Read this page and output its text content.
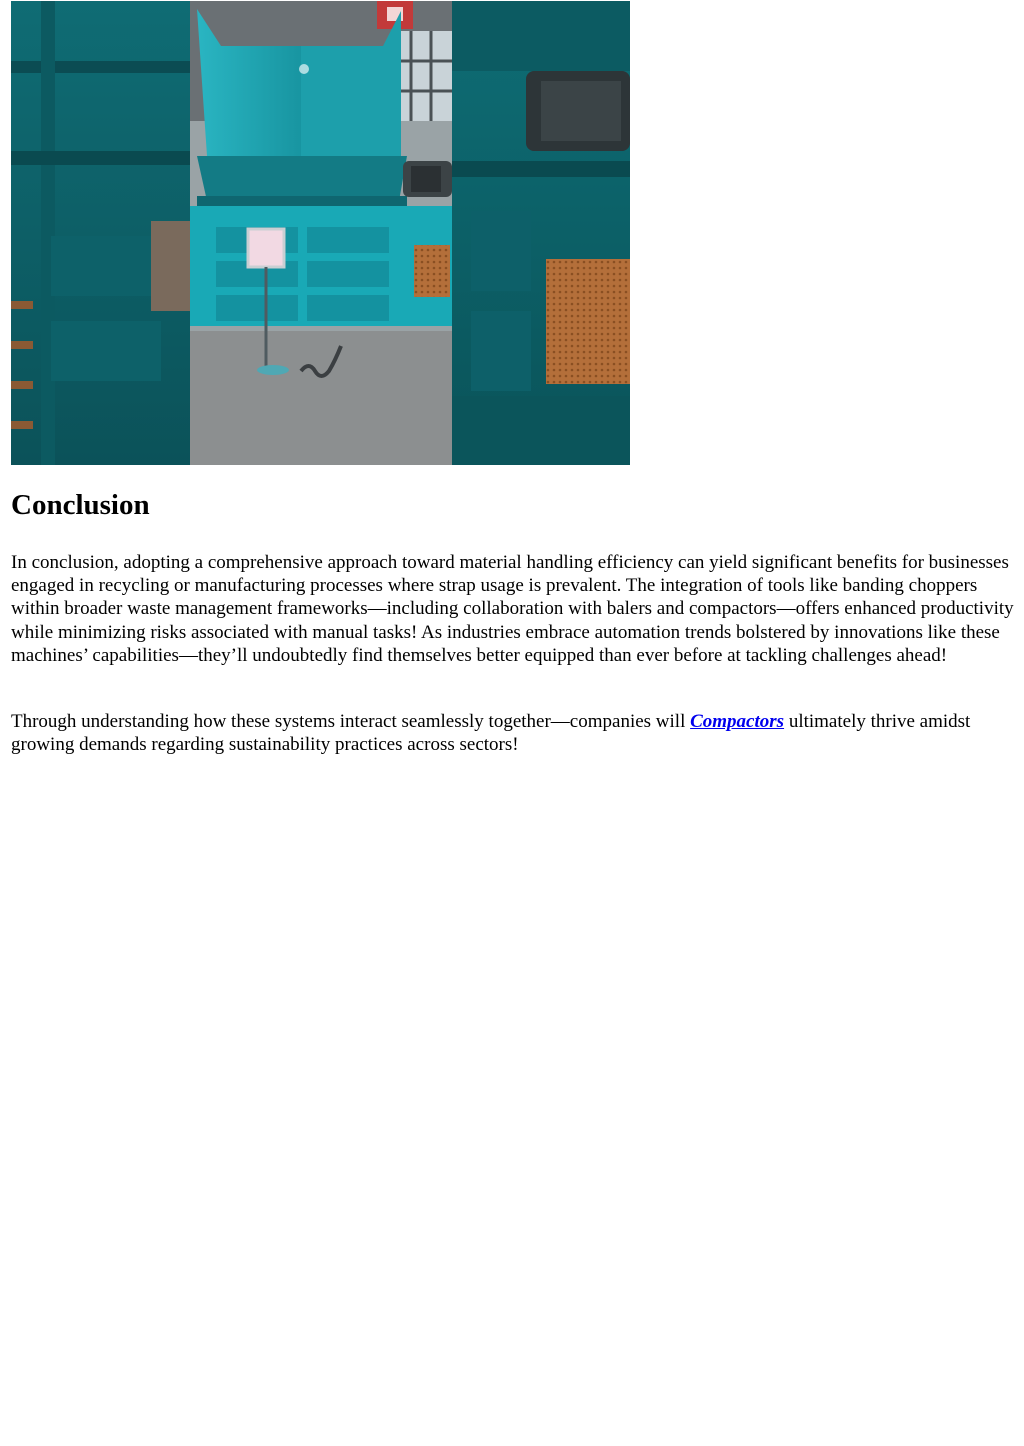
Conclusion

In conclusion, adopting a comprehensive approach toward material handling efficiency can yield significant benefits for businesses engaged in recycling or manufacturing processes where strap usage is prevalent. The integration of tools like banding choppers within broader waste management frameworks—including collaboration with balers and compactors—offers enhanced productivity while minimizing risks associated with manual tasks! As industries embrace automation trends bolstered by innovations like these machines’ capabilities—they’ll undoubtedly find themselves better equipped than ever before at tackling challenges ahead!

Through understanding how these systems interact seamlessly together—companies will Compactors ultimately thrive amidst growing demands regarding sustainability practices across sectors!
